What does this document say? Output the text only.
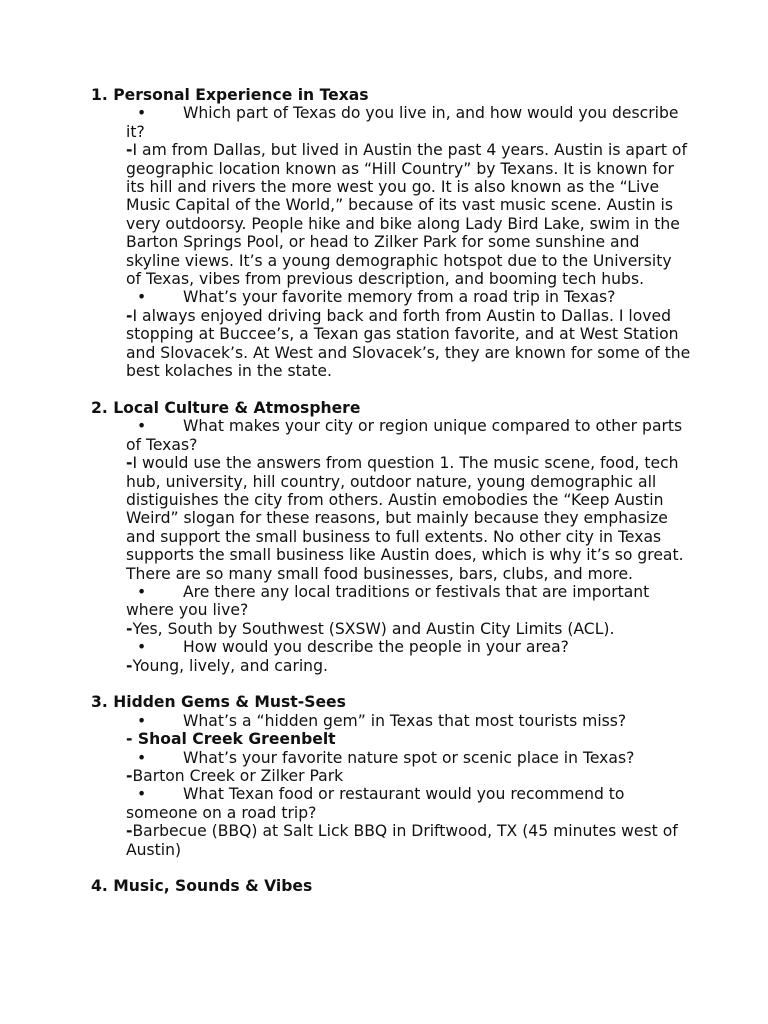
1. Personal Experience in Texas

•	Which part of Texas do you live in, and how would you describe it?
-I am from Dallas, but lived in Austin the past 4 years. Austin is apart of geographic location known as “Hill Country” by Texans. It is known for its hill and rivers the more west you go. It is also known as the “Live Music Capital of the World,” because of its vast music scene. Austin is very outdoorsy. People hike and bike along Lady Bird Lake, swim in the Barton Springs Pool, or head to Zilker Park for some sunshine and skyline views. It’s a young demographic hotspot due to the University of Texas, vibes from previous description, and booming tech hubs.
•	What’s your favorite memory from a road trip in Texas?
-I always enjoyed driving back and forth from Austin to Dallas. I loved stopping at Buccee’s, a Texan gas station favorite, and at West Station and Slovacek’s. At West and Slovacek’s, they are known for some of the best kolaches in the state.

2. Local Culture & Atmosphere

•	What makes your city or region unique compared to other parts of Texas?
-I would use the answers from question 1. The music scene, food, tech hub, university, hill country, outdoor nature, young demographic all distiguishes the city from others. Austin emobodies the “Keep Austin Weird” slogan for these reasons, but mainly because they emphasize and support the small business to full extents. No other city in Texas supports the small business like Austin does, which is why it’s so great. There are so many small food businesses, bars, clubs, and more.
•	Are there any local traditions or festivals that are important where you live?
-Yes, South by Southwest (SXSW) and Austin City Limits (ACL).
•	How would you describe the people in your area?
-Young, lively, and caring.

3. Hidden Gems & Must-Sees

•	What’s a “hidden gem” in Texas that most tourists miss?
- Shoal Creek Greenbelt
•	What’s your favorite nature spot or scenic place in Texas?
-Barton Creek or Zilker Park
•	What Texan food or restaurant would you recommend to someone on a road trip?
-Barbecue (BBQ) at Salt Lick BBQ in Driftwood, TX (45 minutes west of Austin)

4. Music, Sounds & Vibes
